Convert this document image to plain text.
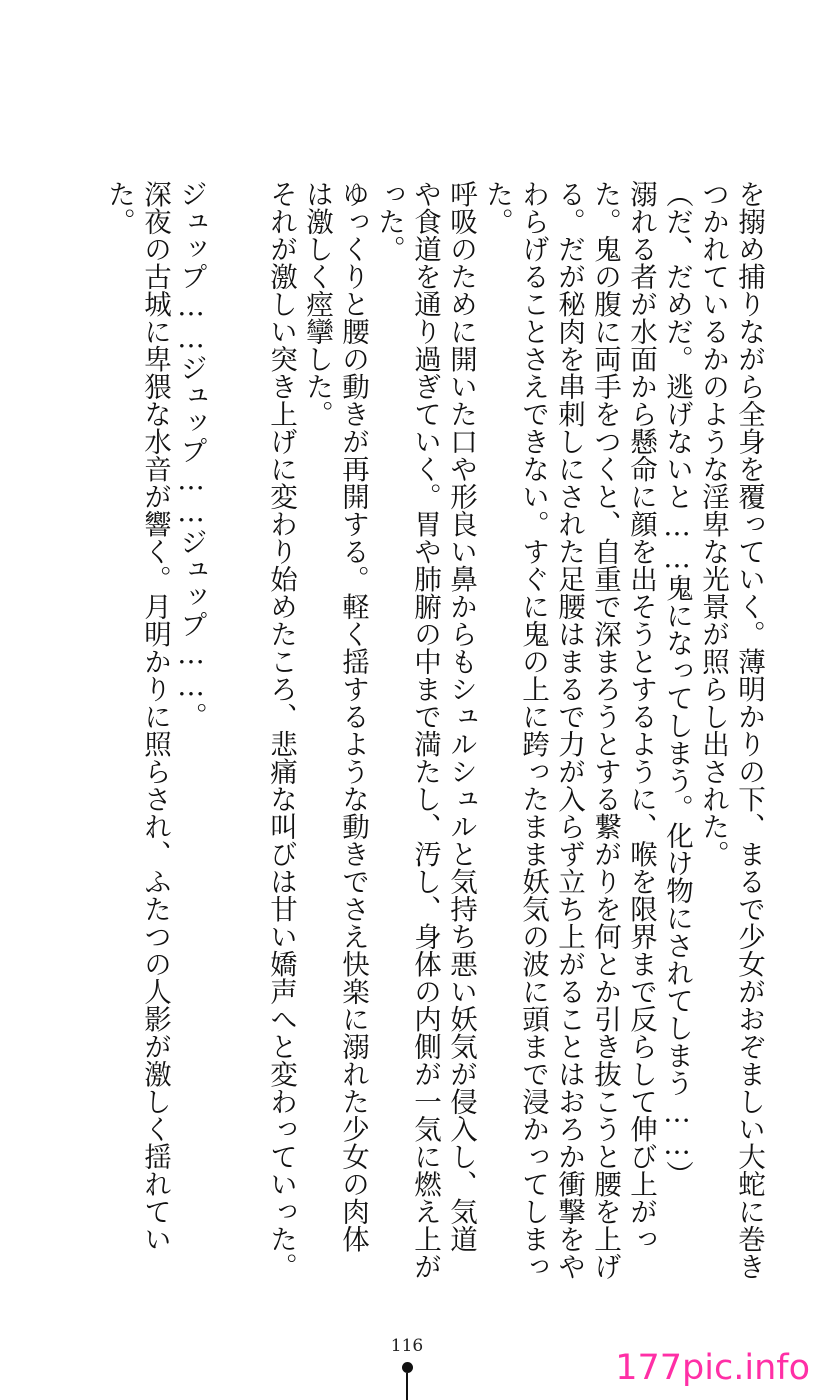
を搦め捕りながら全身を覆っていく。薄明かりの下、まるで少女がおぞましい大蛇に巻き
つかれているかのような淫卑な光景が照らし出された。
（だ、だめだ。逃げないと……鬼になってしまう。化け物にされてしまう……）
溺れる者が水面から懸命に顔を出そうとするように、喉を限界まで反らして伸び上がっ
た。鬼の腹に両手をつくと、自重で深まろうとする繋がりを何とか引き抜こうと腰を上げ
る。だが秘肉を串刺しにされた足腰はまるで力が入らず立ち上がることはおろか衝撃をや
わらげることさえできない。すぐに鬼の上に跨ったまま妖気の波に頭まで浸かってしまっ
た。
呼吸のために開いた口や形良い鼻からもシュルシュルと気持ち悪い妖気が侵入し、気道
や食道を通り過ぎていく。胃や肺腑の中まで満たし、汚し、身体の内側が一気に燃え上が
った。
ゆっくりと腰の動きが再開する。軽く揺するような動きでさえ快楽に溺れた少女の肉体
は激しく痙攣した。
それが激しい突き上げに変わり始めたころ、悲痛な叫びは甘い嬌声へと変わっていった。
ジュップ……ジュップ……ジュップ……。
深夜の古城に卑猥な水音が響く。月明かりに照らされ、ふたつの人影が激しく揺れてい
た。
116
177pic.info
